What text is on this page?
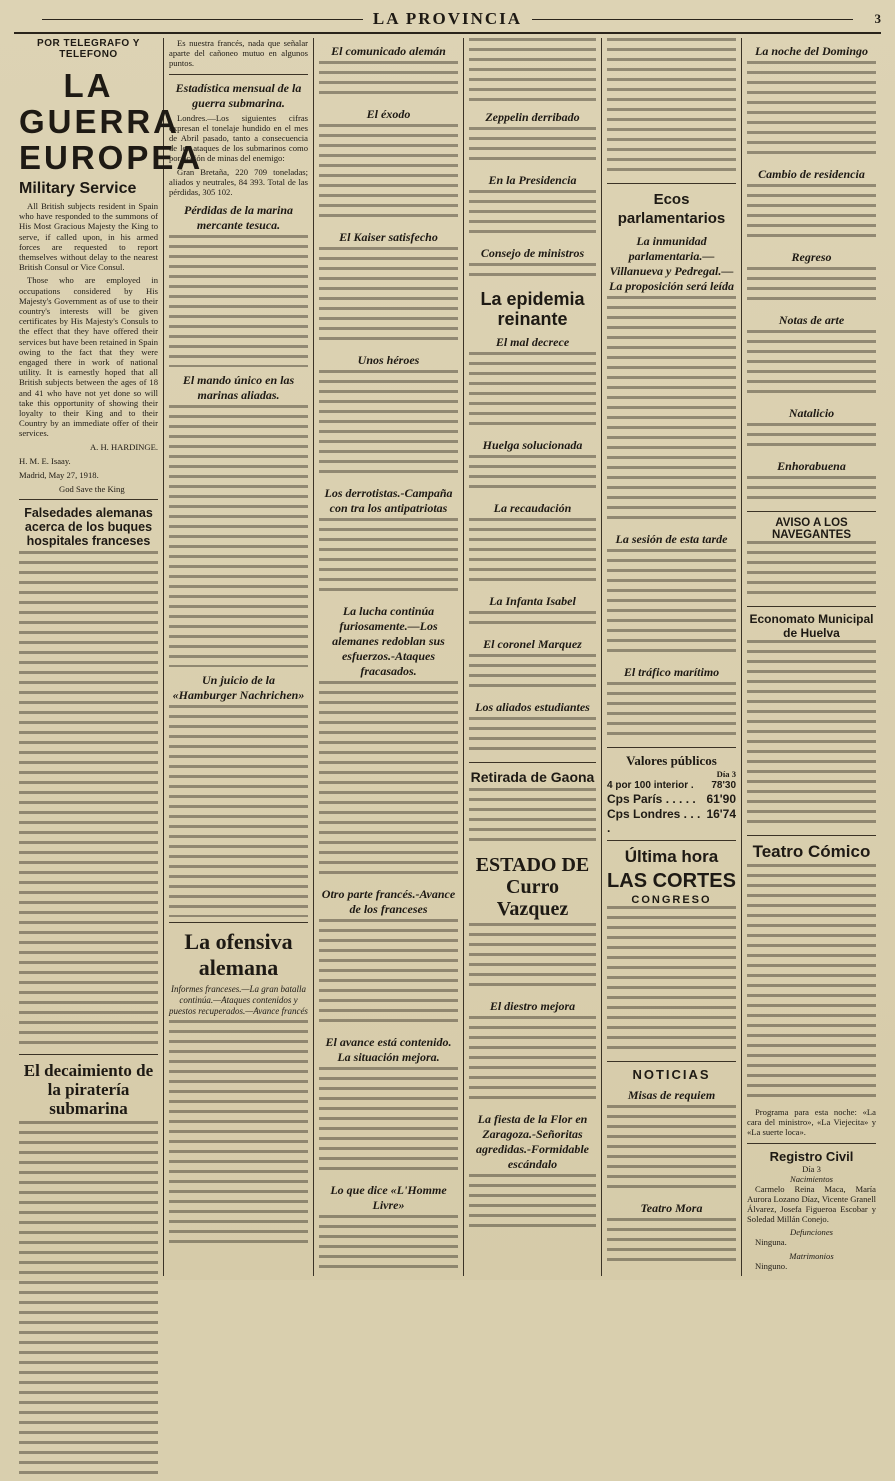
LA PROVINCIA	3
POR TELEGRAFO Y TELEFONO
LA GUERRA EUROPEA
Military Service

All British subjects resident in Spain who have responded to the summons of His Most Gracious Majesty the King to serve, if called upon, in his armed forces are requested to report themselves without delay to the nearest British Consul or Vice Consul.

Those who are employed in occupations considered by His Majesty's Government as of use to their country's interests will be given certificates by His Majesty's Consuls to the effect that they have offered their services but have been retained in Spain owing to the fact that they were engaged there in work of national utility. It is earnestly hoped that all British subjects between the ages of 18 and 41 who have not yet done so will take this opportunity of showing their loyalty to their King and to their Country by an immediate offer of their services.

A. H. HARDINGE.
H. M. E. Isaay.
Madrid, May 27, 1918.
God Save the King
Falsedades alemanas acerca de los buques hospitales franceses
El decaimiento de la piratería submarina

Es nuestra francés, nada que señalar aparte del cañoneo mutuo en algunos puntos.

Estadística mensual de la guerra submarina.

Londres.—Los siguientes cifras expresan el tonelaje hundido en el mes de Abril pasado, tanto a consecuencia de los ataques de los submarinos como por acción de minas del enemigo:

Gran Bretaña, 220 709 toneladas; aliados y neutrales, 84 393. Total de las pérdidas, 305 102.

Pérdidas de la marina mercante tesuca.
El mando único en las marinas aliadas.
Un juicio de la «Hamburger Nachrichen»
La ofensiva alemana
Informes franceses.—La gran batalla continúa.—Ataques contenidos y puestos recuperados.—Avance francés
El comunicado alemán
El éxodo
El Kaiser satisfecho
Unos héroes
Los derrotistas.-Campaña con tra los antipatriotas
La lucha continúa furiosamente.—Los alemanes redoblan sus esfuerzos.-Ataques fracasados.
Otro parte francés.-Avance de los franceses
El avance está contenido. La situación mejora.
Lo que dice «L'Homme Livre»
Zeppelin derribado
En la Presidencia
Consejo de ministros
La epidemia reinante
El mal decrece
Huelga solucionada
La recaudación
La Infanta Isabel
El coronel Marquez
Los aliados estudiantes
Retirada de Gaona
ESTADO DE Curro Vazquez
El diestro mejora
La fiesta de la Flor en Zaragoza.-Señoritas agredidas.-Formidable escándalo
Ecos parlamentarios
La inmunidad parlamentaria.—Villanueva y Pedregal.—La proposición será leída
La sesión de esta tarde
El tráfico marítimo
Valores públicos
Día 3
4 por 100 interior . 78'30
Cps París . . . . . 61'90
Cps Londres . . . .
16'74
Última hora
LAS CORTES
CONGRESO
NOTICIAS
Misas de requiem
Teatro Mora
La noche del Domingo
Cambio de residencia
Regreso
Notas de arte
Natalicio
Enhorabuena
AVISO A LOS NAVEGANTES
Economato Municipal de Huelva
Teatro Cómico

Programa para esta noche: «La cara del ministro», «La Viejecita» y «La suerte loca».

Registro Civil
Día 3
Nacimientos

Carmelo Reina Maca, María Aurora Lozano Díaz, Vicente Granell Álvarez, Josefa Figueroa Escobar y Soledad Millán Conejo.

Defunciones

Ninguna.

Matrimonios

Ninguno.
